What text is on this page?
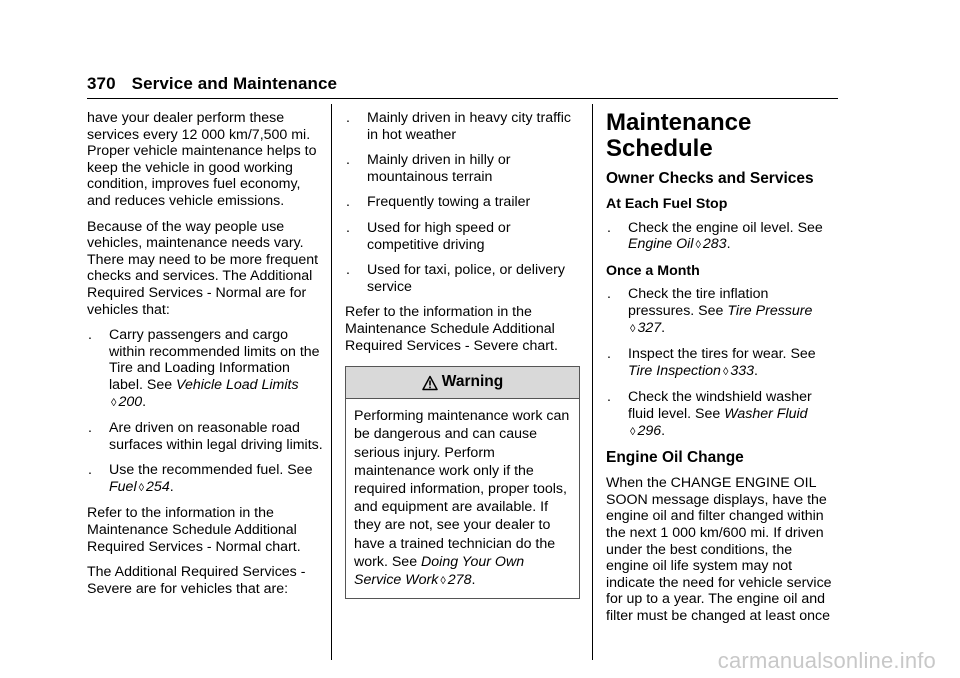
370 Service and Maintenance

have your dealer perform these services every 12 000 km/7,500 mi. Proper vehicle maintenance helps to keep the vehicle in good working condition, improves fuel economy, and reduces vehicle emissions.

Because of the way people use vehicles, maintenance needs vary. There may need to be more frequent checks and services. The Additional Required Services - Normal are for vehicles that:

. Carry passengers and cargo within recommended limits on the Tire and Loading Information label. See Vehicle Load Limits
◊ 200.
. Are driven on reasonable road surfaces within legal driving limits.
. Use the recommended fuel. See
Fuel ◊ 254.

Refer to the information in the Maintenance Schedule Additional Required Services - Normal chart.

The Additional Required Services - Severe are for vehicles that are:

. Mainly driven in heavy city traffic in hot weather
. Mainly driven in hilly or mountainous terrain
. Frequently towing a trailer
. Used for high speed or competitive driving
. Used for taxi, police, or delivery service

Refer to the information in the Maintenance Schedule Additional Required Services - Severe chart.

Warning

Performing maintenance work can be dangerous and can cause serious injury. Perform maintenance work only if the required information, proper tools, and equipment are available. If they are not, see your dealer to have a trained technician do the work. See Doing Your Own Service Work ◊ 278.

Maintenance Schedule
Owner Checks and Services
At Each Fuel Stop
. Check the engine oil level. See
Engine Oil ◊ 283.
Once a Month
. Check the tire inflation pressures. See Tire Pressure
◊ 327.
. Inspect the tires for wear. See
Tire Inspection ◊ 333.
. Check the windshield washer fluid level. See Washer Fluid
◊ 296.
Engine Oil Change

When the CHANGE ENGINE OIL SOON message displays, have the engine oil and filter changed within the next 1 000 km/600 mi. If driven under the best conditions, the engine oil life system may not indicate the need for vehicle service for up to a year. The engine oil and filter must be changed at least once

carmanualsonline.info
